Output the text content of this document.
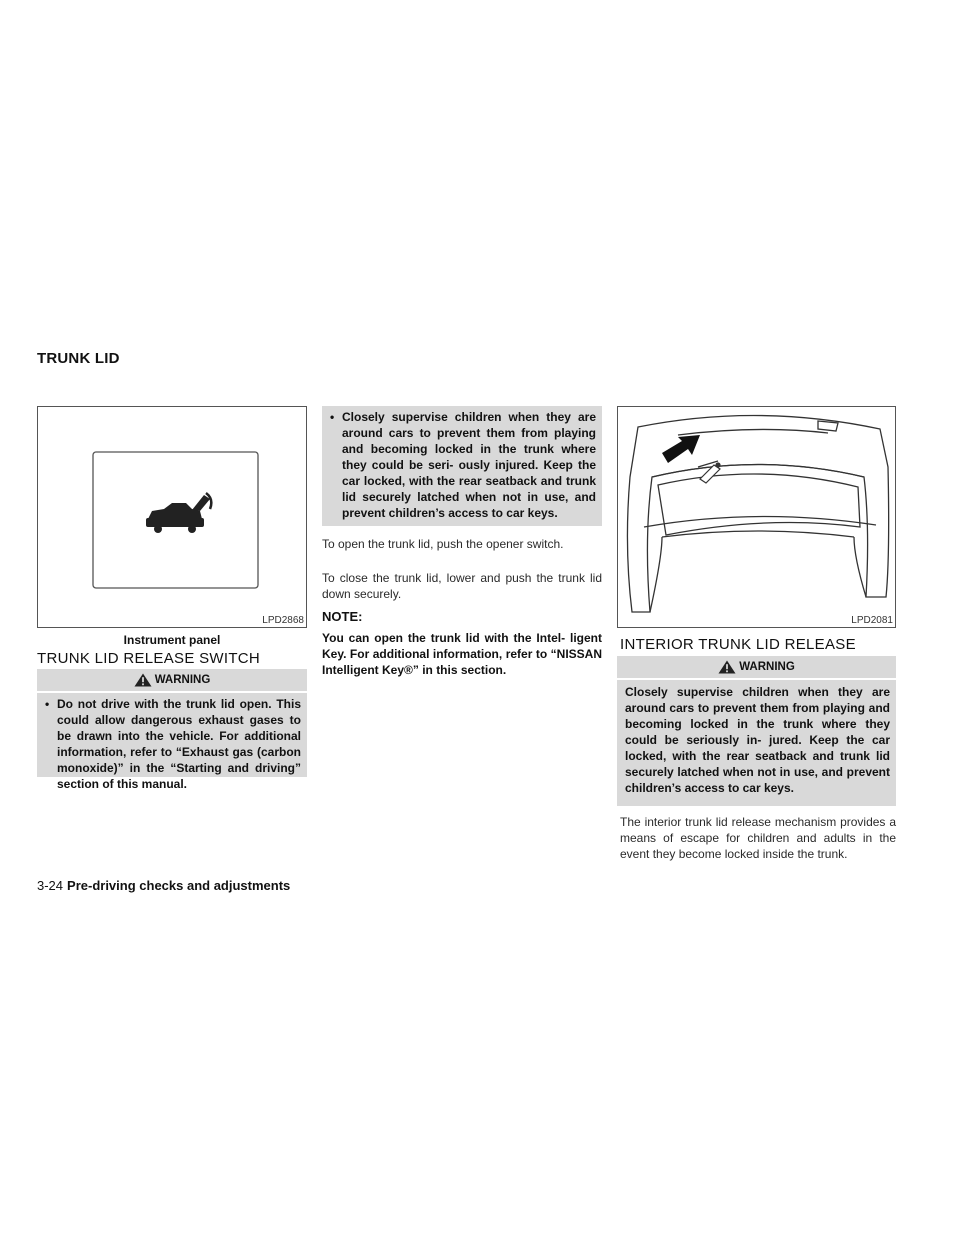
TRUNK LID
LPD2868
Instrument panel
TRUNK LID RELEASE SWITCH
WARNING
• Do not drive with the trunk lid open. This could allow dangerous exhaust gases to be drawn into the vehicle. For additional information, refer to “Exhaust gas (carbon monoxide)” in the “Starting and driving” section of this manual.
• Closely supervise children when they are around cars to prevent them from playing and becoming locked in the trunk where they could be seri- ously injured. Keep the car locked, with the rear seatback and trunk lid securely latched when not in use, and prevent children’s access to car keys.
To open the trunk lid, push the opener switch.
To close the trunk lid, lower and push the trunk lid down securely.
NOTE:
You can open the trunk lid with the Intel- ligent Key. For additional information, refer to “NISSAN Intelligent Key®” in this section.
LPD2081
INTERIOR TRUNK LID RELEASE
WARNING
Closely supervise children when they are around cars to prevent them from playing and becoming locked in the trunk where they could be seriously in- jured. Keep the car locked, with the rear seatback and trunk lid securely latched when not in use, and prevent children’s access to car keys.
The interior trunk lid release mechanism provides a means of escape for children and adults in the event they become locked inside the trunk.
3-24 Pre-driving checks and adjustments
